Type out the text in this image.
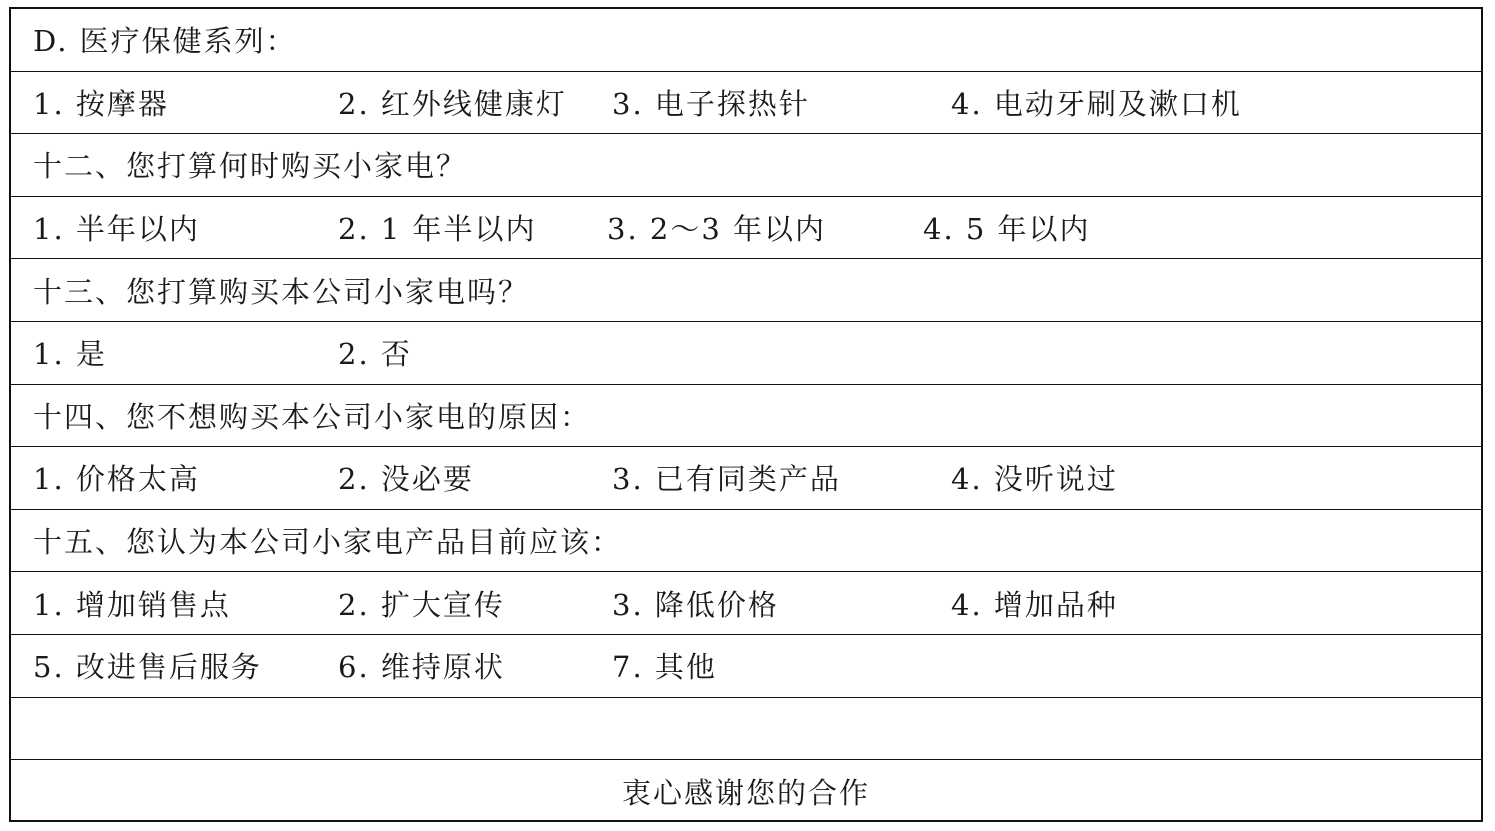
D. 医疗保健系列：
1. 按摩器	2. 红外线健康灯 3. 电子探热针	4. 电动牙刷及漱口机
十二、您打算何时购买小家电？
1. 半年以内	2. 1 年半以内 3. 2～3 年以内	4. 5 年以内
十三、您打算购买本公司小家电吗？
1. 是	2. 否
十四、您不想购买本公司小家电的原因：
1. 价格太高	2. 没必要	3. 已有同类产品	4. 没听说过
十五、您认为本公司小家电产品目前应该：
1. 增加销售点	2. 扩大宣传	3. 降低价格	4. 增加品种
5. 改进售后服务	6. 维持原状	7. 其他
衷心感谢您的合作
